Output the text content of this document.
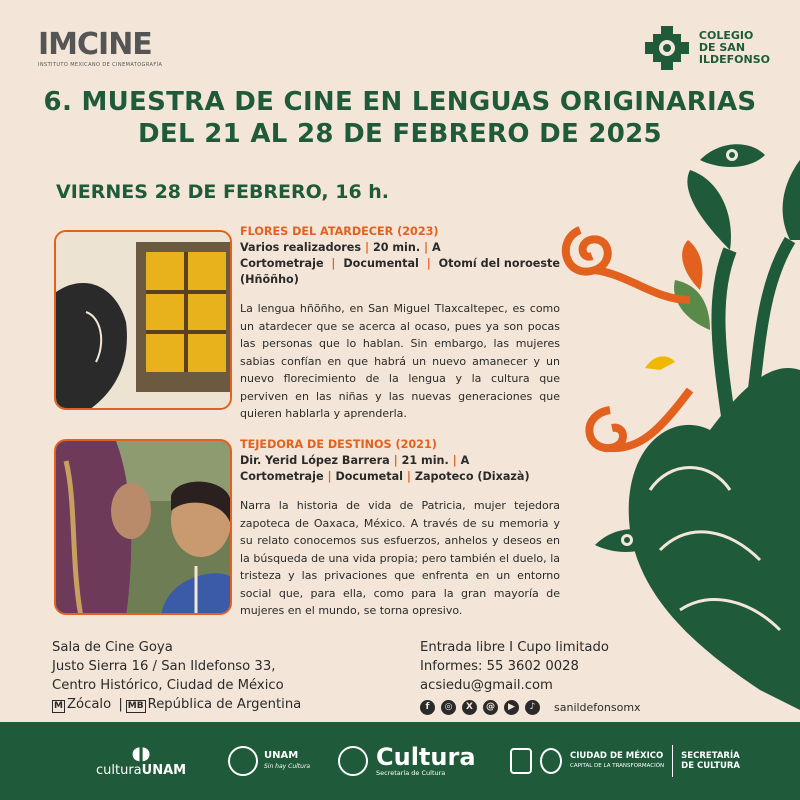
IMCINE
INSTITUTO MEXICANO DE CINEMATOGRAFÍA
COLEGIO
DE SAN
ILDEFONSO
6. MUESTRA DE CINE EN LENGUAS ORIGINARIAS
DEL 21 AL 28 DE FEBRERO DE 2025
VIERNES 28 DE FEBRERO, 16 h.
FLORES DEL ATARDECER (2023)
Varios realizadores | 20 min. | A
Cortometraje | Documental | Otomí del noroeste
(Hñõñho)

La lengua hñõñho, en San Miguel Tlaxcaltepec, es como un atardecer que se acerca al ocaso, pues ya son pocas las personas que lo hablan. Sin embargo, las mujeres sabias confían en que habrá un nuevo amanecer y un nuevo florecimiento de la lengua y la cultura que perviven en las niñas y las nuevas generaciones que quieren hablarla y aprenderla.

TEJEDORA DE DESTINOS (2021)
Dir. Yerid López Barrera | 21 min. | A
Cortometraje | Documetal | Zapoteco (Dixazà)

Narra la historia de vida de Patricia, mujer tejedora zapoteca de Oaxaca, México. A través de su memoria y su relato conocemos sus esfuerzos, anhelos y deseos en la búsqueda de una vida propia; pero también el duelo, la tristeza y las privaciones que enfrenta en un entorno social que, para ella, como para la gran mayoría de mujeres en el mundo, se torna opresivo.

Sala de Cine Goya
Justo Sierra 16 / San Ildefonso 33,
Centro Histórico, Ciudad de México
M Zócalo | MB República de Argentina
Entrada libre I Cupo limitado
Informes: 55 3602 0028
acsiedu@gmail.com
f	◎	X	@	▶	♪	sanildefonsomx
◖◗
culturaUNAM
UNAM
Sin hay Cultura	Cultura
Secretaría de Cultura
CIUDAD DE MÉXICO
CAPITAL DE LA TRANSFORMACIÓN
SECRETARÍA
DE CULTURA
